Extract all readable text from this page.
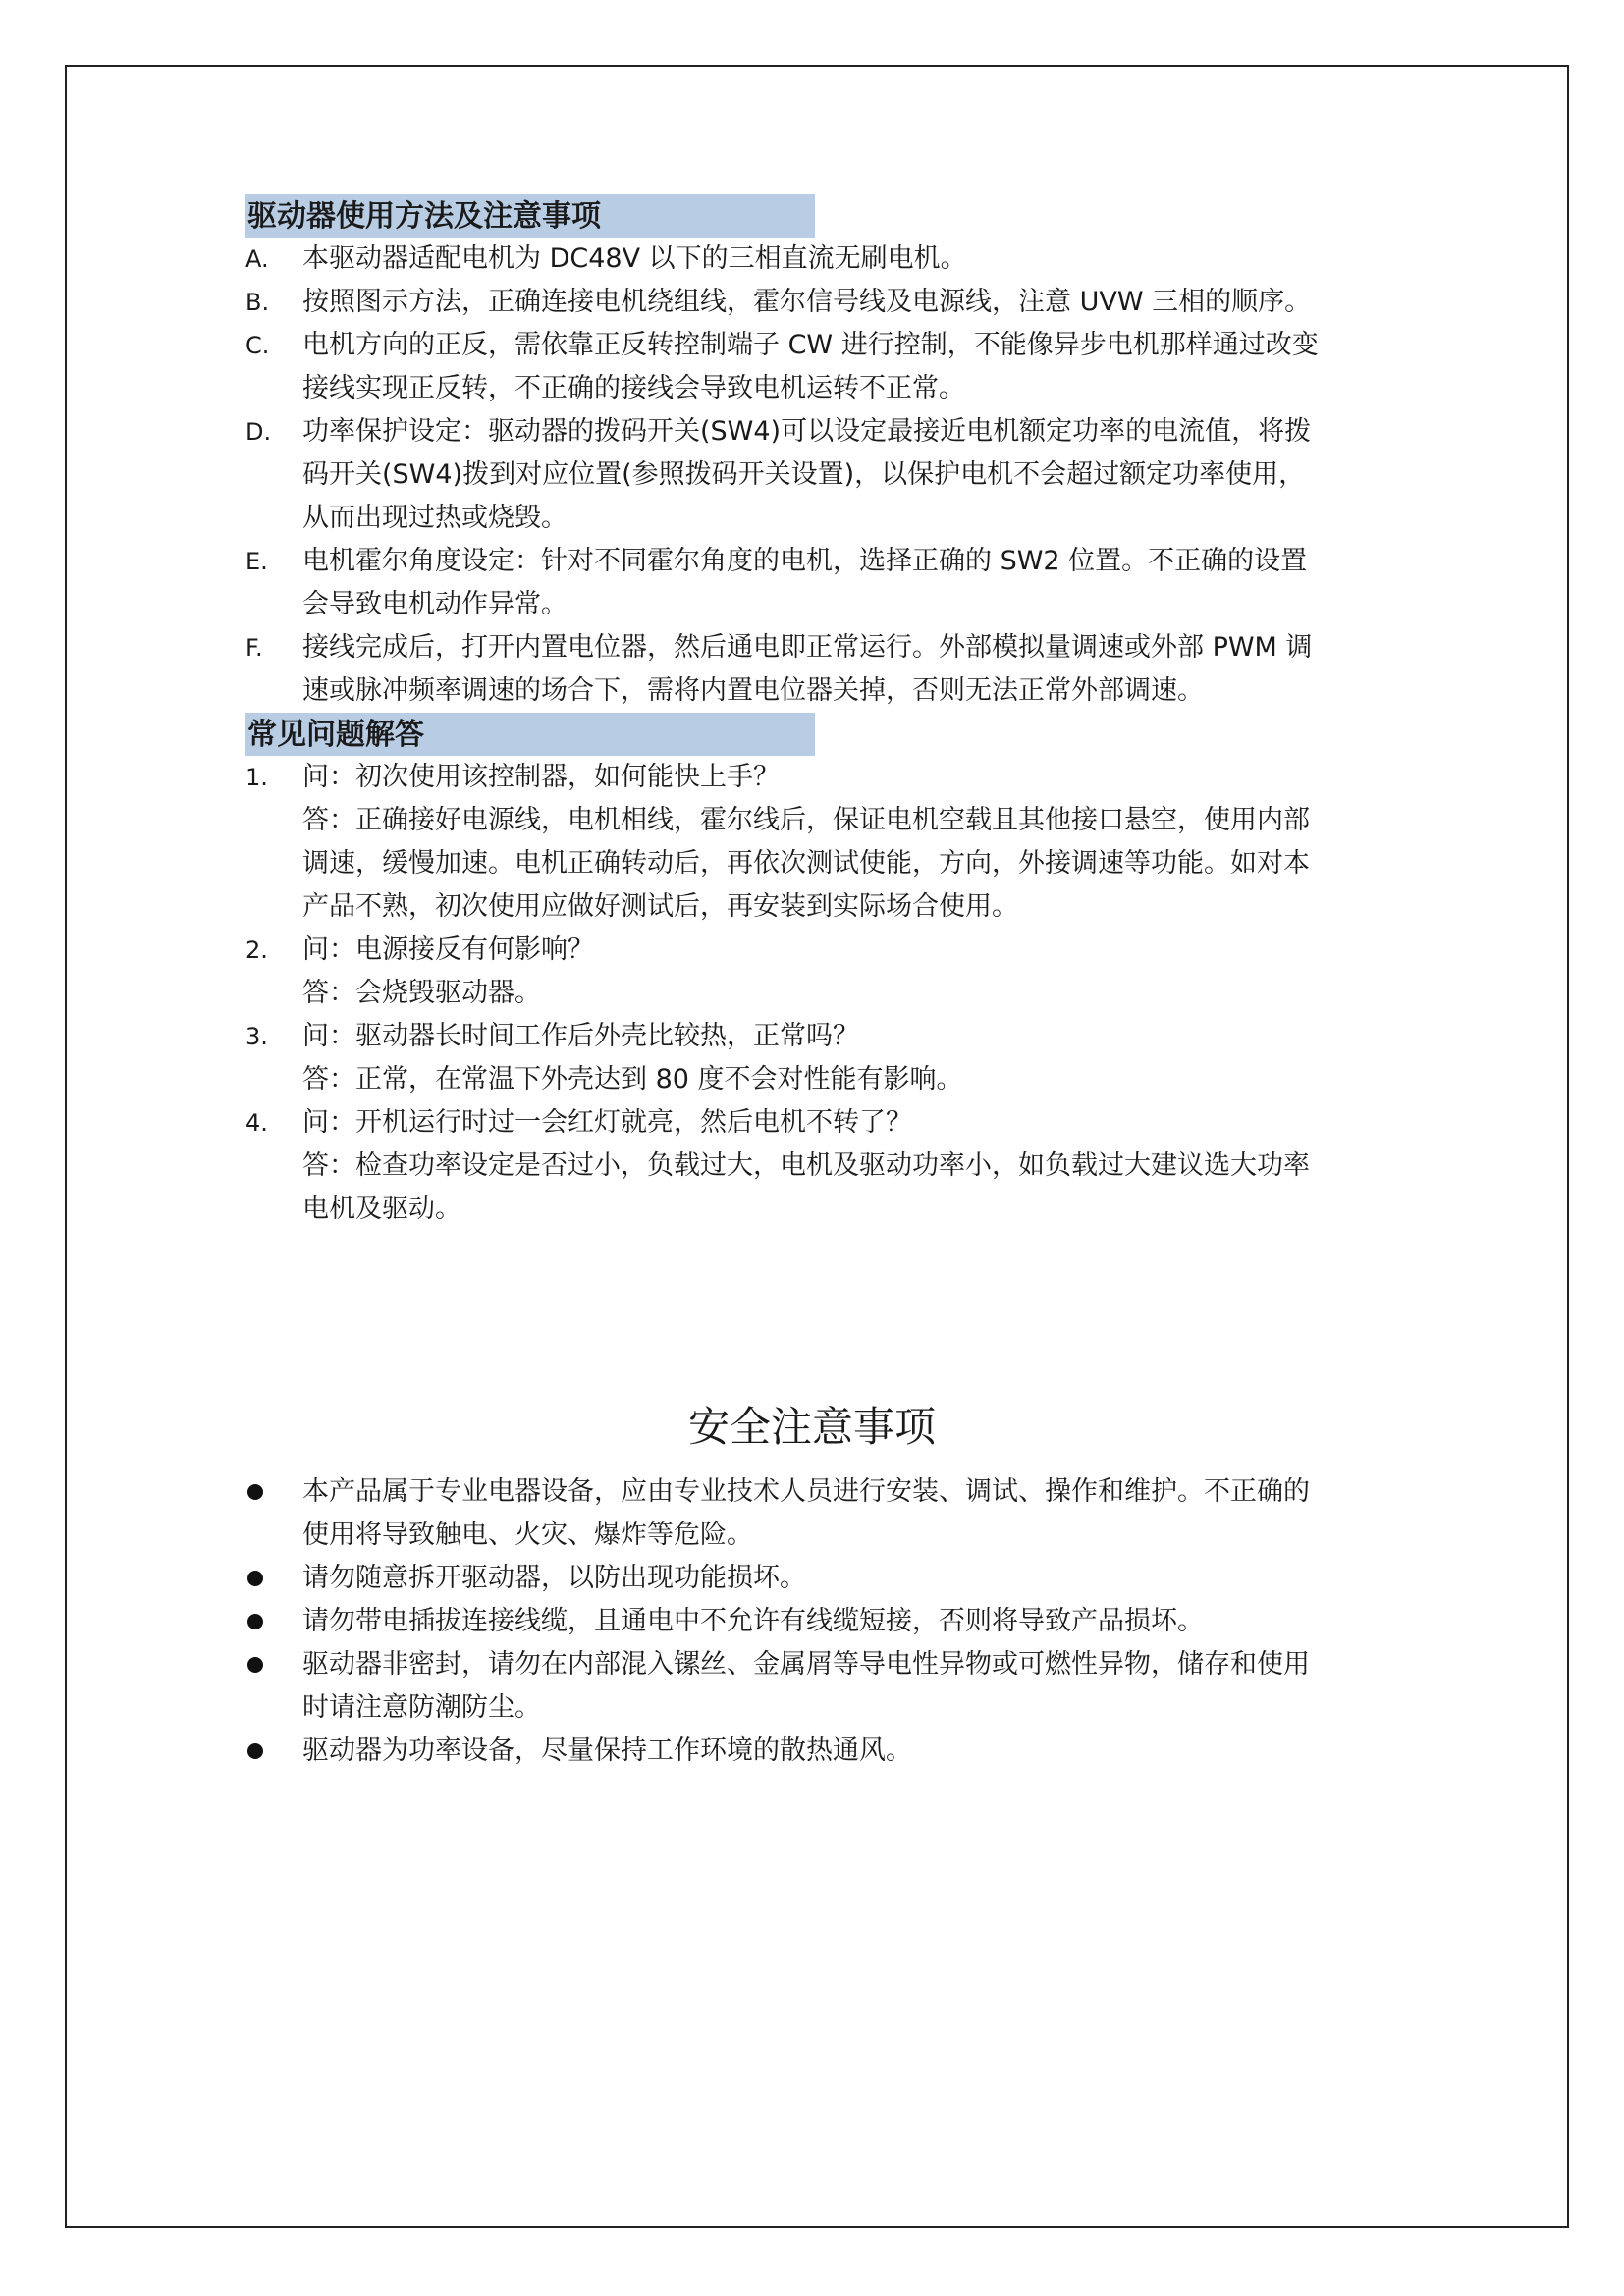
驱动器使用方法及注意事项
A. 本驱动器适配电机为 DC48V 以下的三相直流无刷电机。
B. 按照图示方法，正确连接电机绕组线，霍尔信号线及电源线，注意 UVW 三相的顺序。
C. 电机方向的正反，需依靠正反转控制端子 CW 进行控制，不能像异步电机那样通过改变
接线实现正反转，不正确的接线会导致电机运转不正常。
D. 功率保护设定：驱动器的拨码开关(SW4)可以设定最接近电机额定功率的电流值，将拨
码开关(SW4)拨到对应位置(参照拨码开关设置)，以保护电机不会超过额定功率使用，
从而出现过热或烧毁。
E. 电机霍尔角度设定：针对不同霍尔角度的电机，选择正确的 SW2 位置。不正确的设置
会导致电机动作异常。
F. 接线完成后，打开内置电位器，然后通电即正常运行。外部模拟量调速或外部 PWM 调
速或脉冲频率调速的场合下，需将内置电位器关掉，否则无法正常外部调速。
常见问题解答
1. 问：初次使用该控制器，如何能快上手？
答：正确接好电源线，电机相线，霍尔线后，保证电机空载且其他接口悬空，使用内部
调速，缓慢加速。电机正确转动后，再依次测试使能，方向，外接调速等功能。如对本
产品不熟，初次使用应做好测试后，再安装到实际场合使用。
2. 问：电源接反有何影响？
答：会烧毁驱动器。
3. 问：驱动器长时间工作后外壳比较热，正常吗？
答：正常，在常温下外壳达到 80 度不会对性能有影响。
4. 问：开机运行时过一会红灯就亮，然后电机不转了？
答：检查功率设定是否过小，负载过大，电机及驱动功率小，如负载过大建议选大功率
电机及驱动。
安全注意事项
本产品属于专业电器设备，应由专业技术人员进行安装、调试、操作和维护。不正确的
使用将导致触电、火灾、爆炸等危险。
请勿随意拆开驱动器，以防出现功能损坏。
请勿带电插拔连接线缆，且通电中不允许有线缆短接，否则将导致产品损坏。
驱动器非密封，请勿在内部混入镙丝、金属屑等导电性异物或可燃性异物，储存和使用
时请注意防潮防尘。
驱动器为功率设备，尽量保持工作环境的散热通风。
